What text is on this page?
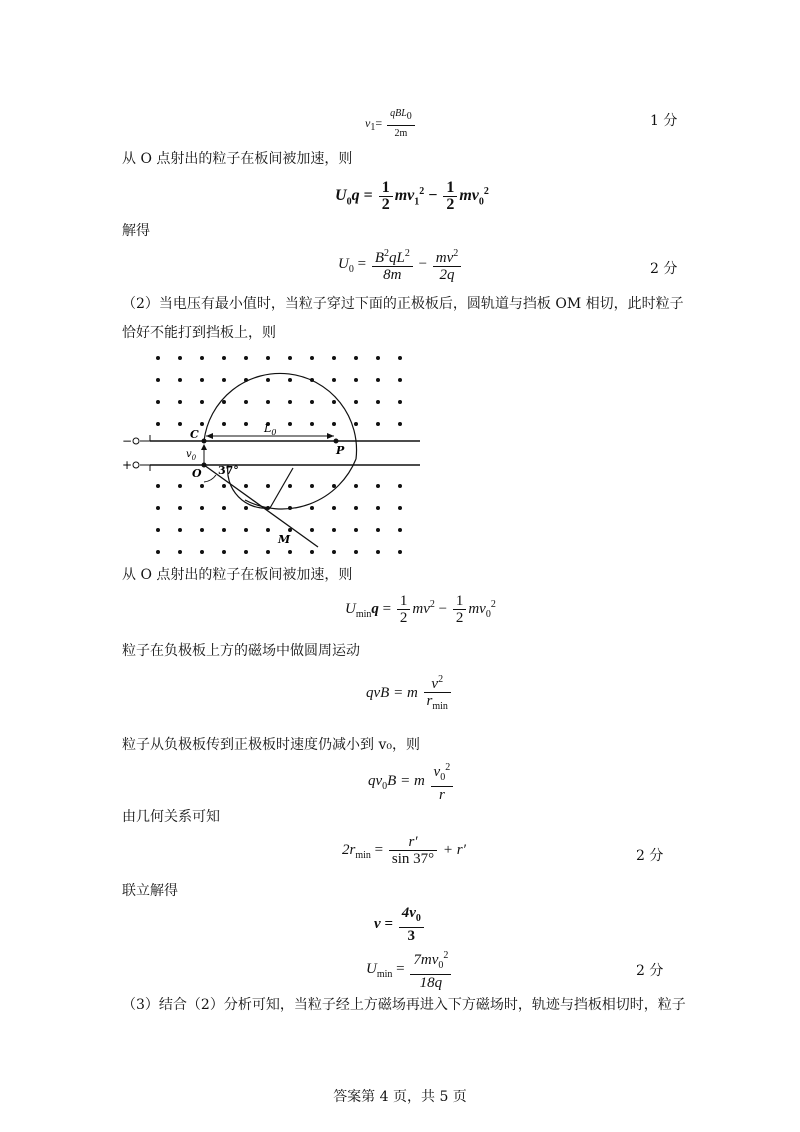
$v_1= \frac{qBL_0}{2m}$	1 分
从 O 点射出的粒子在板间被加速，则
$U_0q = \frac{1}{2} mv_1^2 - \frac{1}{2} mv_0^2$
解得
$U_0 = \frac{B^2qL^2}{8m} - \frac{mv^2}{2q}$	2 分
（2）当电压有最小值时，当粒子穿过下面的正极板后，圆轨道与挡板 OM 相切，此时粒子
恰好不能打到挡板上，则
−
+
C	$L_0$
P
$v_0$
O 37°
M
从 O 点射出的粒子在板间被加速，则
$U_{min}q = \frac{1}{2} mv^2 - \frac{1}{2} mv_0^2$
粒子在负极板上方的磁场中做圆周运动
qvB = m $\frac{v^2}{r_{min}}$
粒子从负极板传到正极板时速度仍减小到 v₀，则
$qv_0B = m \frac{v_0^2}{r}$
由几何关系可知
$2r_{min} = \frac{r'}{\sin 37^\circ} + r'$	2 分
联立解得
$v = \frac{4v_0}{3}$
$U_{min} = \frac{7mv_0^2}{18q}$	2 分
（3）结合（2）分析可知，当粒子经上方磁场再进入下方磁场时，轨迹与挡板相切时，粒子
答案第 4 页，共 5 页
